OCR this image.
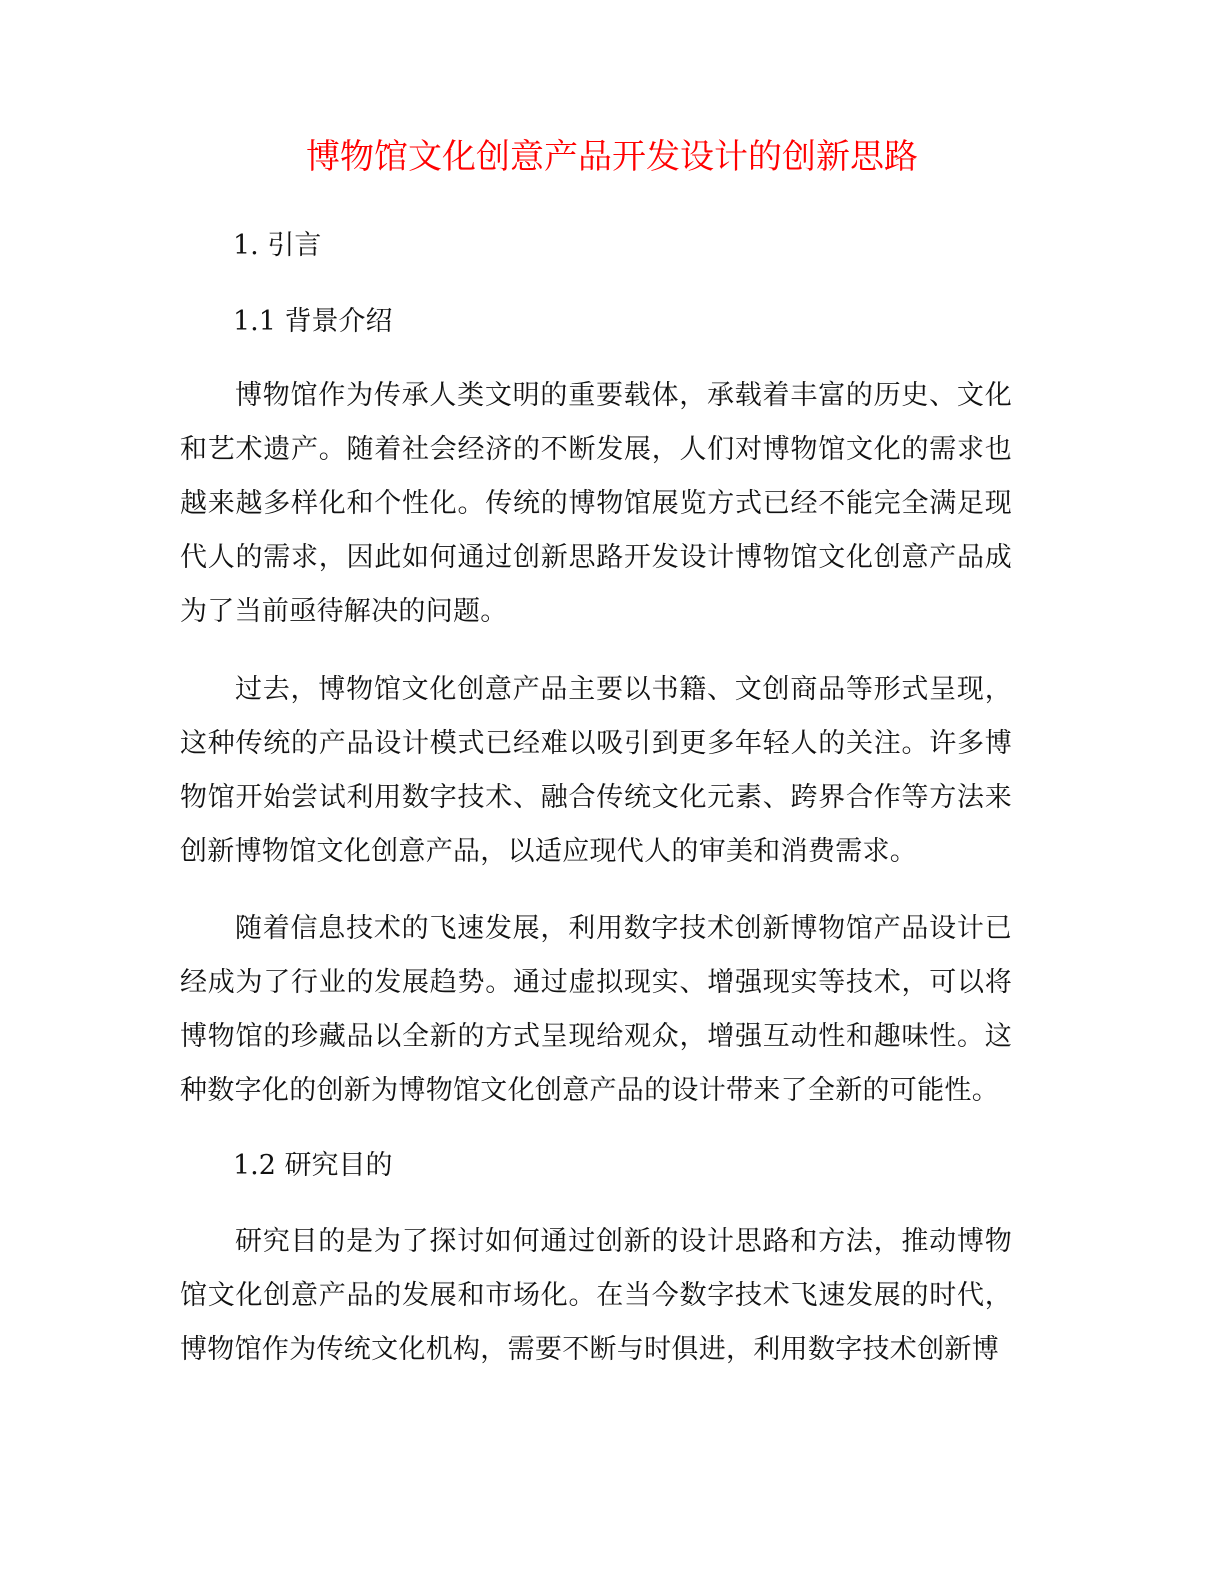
博物馆文化创意产品开发设计的创新思路
1. 引言
1.1 背景介绍

博物馆作为传承人类文明的重要载体，承载着丰富的历史、文化和艺术遗产。随着社会经济的不断发展，人们对博物馆文化的需求也越来越多样化和个性化。传统的博物馆展览方式已经不能完全满足现代人的需求，因此如何通过创新思路开发设计博物馆文化创意产品成为了当前亟待解决的问题。

过去，博物馆文化创意产品主要以书籍、文创商品等形式呈现，这种传统的产品设计模式已经难以吸引到更多年轻人的关注。许多博物馆开始尝试利用数字技术、融合传统文化元素、跨界合作等方法来创新博物馆文化创意产品，以适应现代人的审美和消费需求。

随着信息技术的飞速发展，利用数字技术创新博物馆产品设计已经成为了行业的发展趋势。通过虚拟现实、增强现实等技术，可以将博物馆的珍藏品以全新的方式呈现给观众，增强互动性和趣味性。这种数字化的创新为博物馆文化创意产品的设计带来了全新的可能性。

1.2 研究目的

研究目的是为了探讨如何通过创新的设计思路和方法，推动博物馆文化创意产品的发展和市场化。在当今数字技术飞速发展的时代，博物馆作为传统文化机构，需要不断与时俱进，利用数字技术创新博
